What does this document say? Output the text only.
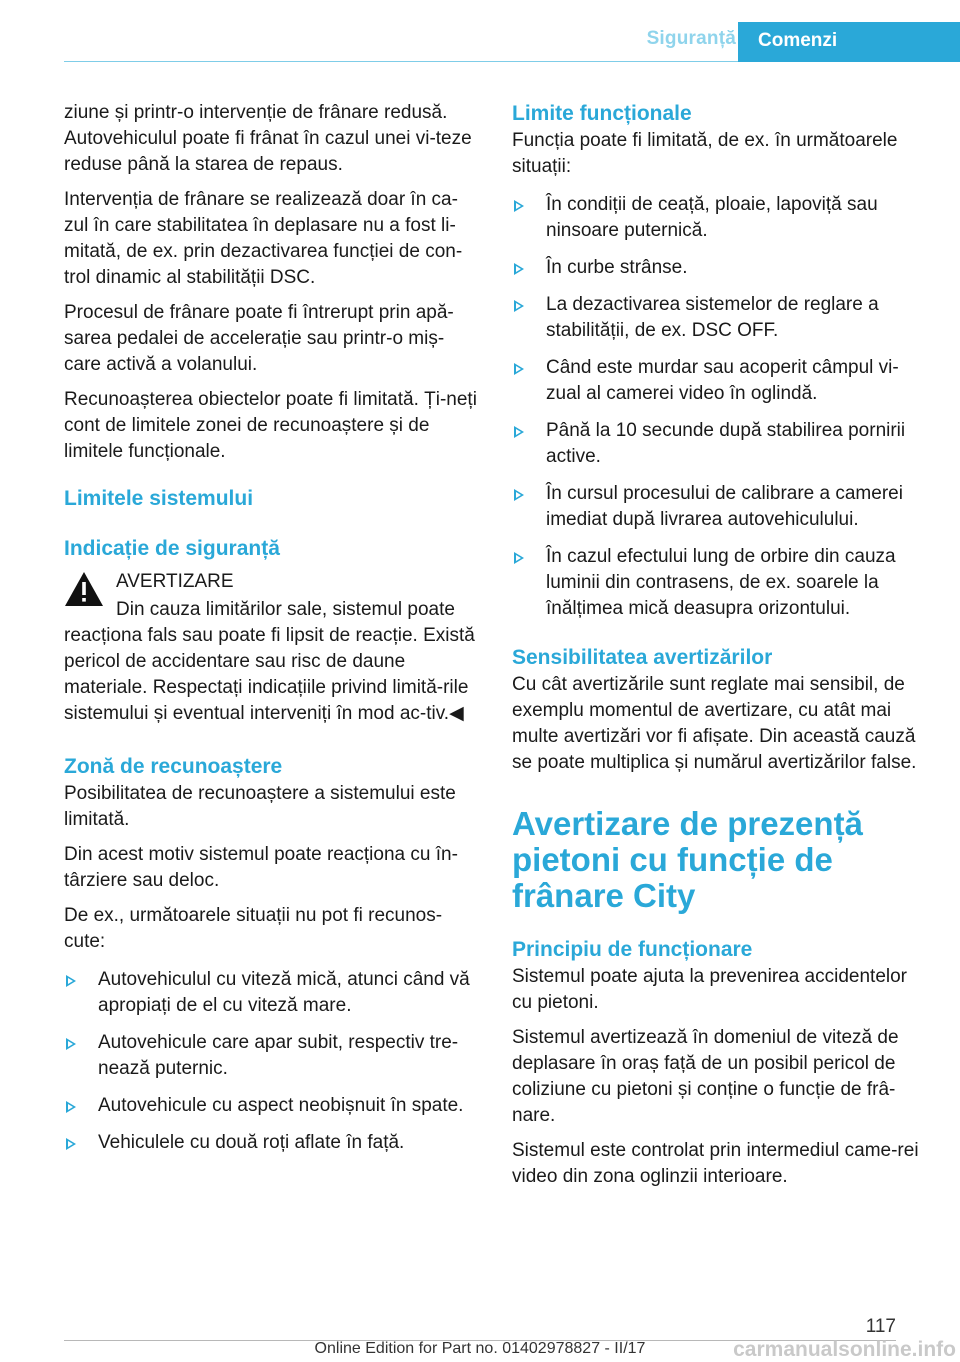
Siguranță	Comenzi

ziune și printr-o intervenție de frânare redusă. Autovehiculul poate fi frânat în cazul unei vi‐teze reduse până la starea de repaus.

Intervenția de frânare se realizează doar în ca‐zul în care stabilitatea în deplasare nu a fost li‐mitată, de ex. prin dezactivarea funcției de con‐trol dinamic al stabilității DSC.

Procesul de frânare poate fi întrerupt prin apă‐sarea pedalei de accelerație sau printr-o miș‐care activă a volanului.

Recunoașterea obiectelor poate fi limitată. Ți‐neți cont de limitele zonei de recunoaștere și de limitele funcționale.

Limitele sistemului
Indicație de siguranță
AVERTIZARE
Din cauza limitărilor sale, sistemul poate
reacționa fals sau poate fi lipsit de reacție. Există pericol de accidentare sau risc de daune materiale. Respectați indicațiile privind limită‐rile sistemului și eventual interveniți în mod ac‐tiv.◀
Zonă de recunoaștere

Posibilitatea de recunoaștere a sistemului este limitată.

Din acest motiv sistemul poate reacționa cu în‐târziere sau deloc.

De ex., următoarele situații nu pot fi recunos‐cute:

Autovehiculul cu viteză mică, atunci când vă apropiați de el cu viteză mare.
Autovehicule care apar subit, respectiv tre‐nează puternic.
Autovehicule cu aspect neobișnuit în spate.
Vehiculele cu două roți aflate în față.
Limite funcționale

Funcția poate fi limitată, de ex. în următoarele situații:

În condiții de ceață, ploaie, lapoviță sau ninsoare puternică.
În curbe strânse.
La dezactivarea sistemelor de reglare a stabilității, de ex. DSC OFF.
Când este murdar sau acoperit câmpul vi‐zual al camerei video în oglindă.
Până la 10 secunde după stabilirea pornirii active.
În cursul procesului de calibrare a camerei imediat după livrarea autovehiculului.
În cazul efectului lung de orbire din cauza luminii din contrasens, de ex. soarele la înălțimea mică deasupra orizontului.
Sensibilitatea avertizărilor

Cu cât avertizările sunt reglate mai sensibil, de exemplu momentul de avertizare, cu atât mai multe avertizări vor fi afișate. Din această cauză se poate multiplica și numărul avertizărilor false.

Avertizare de prezență pietoni cu funcție de frânare City
Principiu de funcționare

Sistemul poate ajuta la prevenirea accidentelor cu pietoni.

Sistemul avertizează în domeniul de viteză de deplasare în oraș față de un posibil pericol de coliziune cu pietoni și conține o funcție de frâ‐nare.

Sistemul este controlat prin intermediul came‐rei video din zona oglinzii interioare.

117
Online Edition for Part no. 01402978827 - II/17	carmanualsonline.info
